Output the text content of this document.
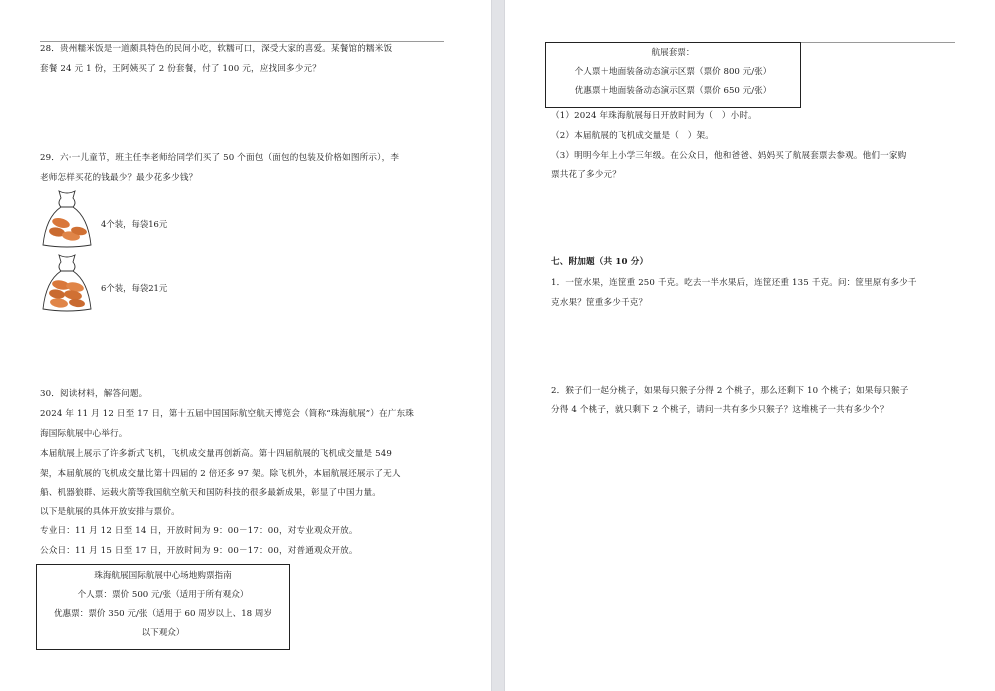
28．贵州糯米饭是一道颇具特色的民间小吃，软糯可口，深受大家的喜爱。某餐馆的糯米饭
套餐 24 元 1 份，王阿姨买了 2 份套餐，付了 100 元，应找回多少元？
29．六·一儿童节，班主任李老师给同学们买了 50 个面包（面包的包装及价格如图所示），李
老师怎样买花的钱最少？最少花多少钱？
4个装，每袋16元
6个装，每袋21元
30．阅读材料，解答问题。
2024 年 11 月 12 日至 17 日，第十五届中国国际航空航天博览会（简称“珠海航展”）在广东珠
海国际航展中心举行。
本届航展上展示了许多新式飞机，飞机成交量再创新高。第十四届航展的飞机成交量是 549
架，本届航展的飞机成交量比第十四届的 2 倍还多 97 架。除飞机外，本届航展还展示了无人
船、机器狼群、运载火箭等我国航空航天和国防科技的很多最新成果，彰显了中国力量。
以下是航展的具体开放安排与票价。
专业日：11 月 12 日至 14 日，开放时间为 9：00－17：00，对专业观众开放。
公众日：11 月 15 日至 17 日，开放时间为 9：00－17：00，对普通观众开放。
珠海航展国际航展中心场地购票指南
个人票：票价 500 元/张（适用于所有观众）
优惠票：票价 350 元/张（适用于 60 周岁以上、18 周岁
以下观众）
航展套票：
个人票＋地面装备动态演示区票（票价 800 元/张）
优惠票＋地面装备动态演示区票（票价 650 元/张）
（1）2024 年珠海航展每日开放时间为（　）小时。
（2）本届航展的飞机成交量是（　）架。
（3）明明今年上小学三年级。在公众日，他和爸爸、妈妈买了航展套票去参观。他们一家购
票共花了多少元？
七、附加题（共 10 分）
1．一筐水果，连筐重 250 千克。吃去一半水果后，连筐还重 135 千克。问：筐里原有多少千
克水果？筐重多少千克？
2．猴子们一起分桃子，如果每只猴子分得 2 个桃子，那么还剩下 10 个桃子；如果每只猴子
分得 4 个桃子，就只剩下 2 个桃子，请问一共有多少只猴子？这堆桃子一共有多少个？
